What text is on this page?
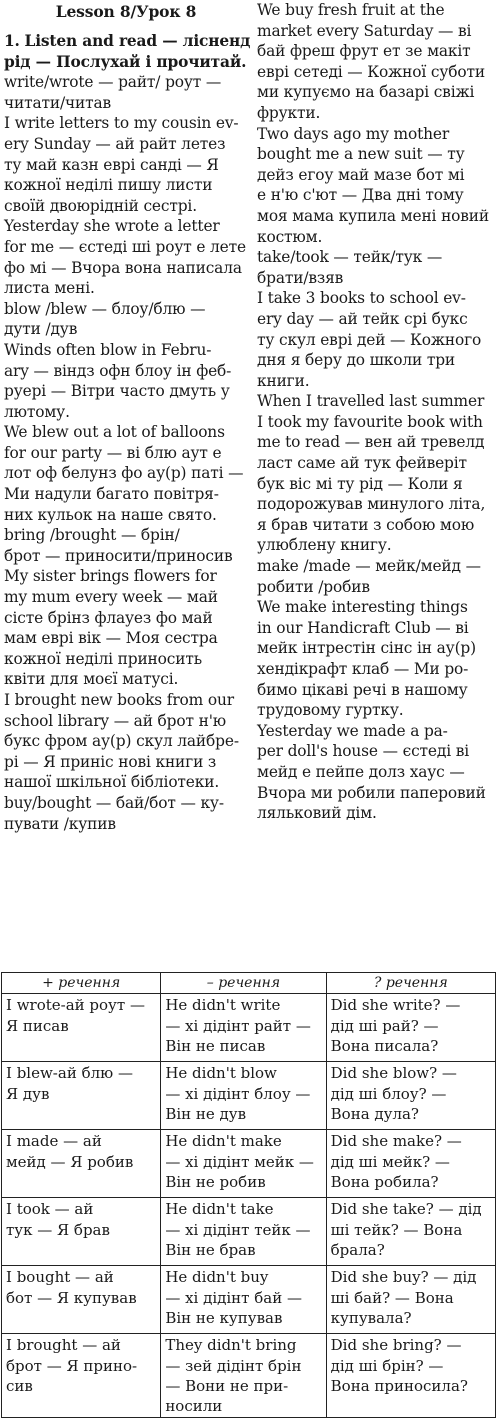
Lesson 8/Урок 8
1. Listen and read — лісненд
рід — Послухай і прочитай.
write/wrote — райт/ роут —
читати/читав
I write letters to my cousin ev-
ery Sunday — ай райт летез
ту май казн еврі санді — Я
кожної неділі пишу листи
своїй двоюрідній сестрі.
Yesterday she wrote a letter
for me — єстеді ші роут е лете
фо мі — Вчора вона написала
листа мені.
blow /blew — блоу/блю —
дути /дув
Winds often blow in Febru-
ary — віндз офн блоу ін феб-
руері — Вітри часто дмуть у
лютому.
We blew out a lot of balloons
for our party — ві блю аут е
лот оф белунз фо ау(р) паті —
Ми надули багато повітря-
них кульок на наше свято.
bring /brought — брін/
брот — приносити/приносив
My sister brings flowers for
my mum every week — май
сісте брінз флауез фо май
мам еврі вік — Моя сестра
кожної неділі приносить
квіти для моєї матусі.
I brought new books from our
school library — ай брот н'ю
букс фром ау(р) скул лайбре-
рі — Я приніс нові книги з
нашої шкільної бібліотеки.
buy/bought — бай/бот — ку-
пувати /купив
We buy fresh fruit at the
market every Saturday — ві
бай фреш фрут ет зе макіт
еврі сетеді — Кожної суботи
ми купуємо на базарі свіжі
фрукти.
Two days ago my mother
bought me a new suit — ту
дейз егоу май мазе бот мі
е н'ю с'ют — Два дні тому
моя мама купила мені новий
костюм.
take/took — тейк/тук —
брати/взяв
I take 3 books to school ev-
ery day — ай тейк срі букс
ту скул еврі дей — Кожного
дня я беру до школи три
книги.
When I travelled last summer
I took my favourite book with
me to read — вен ай тревелд
ласт саме ай тук фейверіт
бук віс мі ту рід — Коли я
подорожував минулого літа,
я брав читати з собою мою
улюблену книгу.
make /made — мейк/мейд —
робити /робив
We make interesting things
in our Handicraft Club — ві
мейк інтрестін сінс ін ау(р)
хендікрафт клаб — Ми ро-
бимо цікаві речі в нашому
трудовому гуртку.
Yesterday we made a pa-
per doll's house — єстеді ві
мейд е пейпе долз хаус —
Вчора ми робили паперовий
ляльковий дім.
+ речення	– речення	? речення

I wrote-ай роут —
Я писав	He didn't write
— хі дідінт райт —
Він не писав	Did she write? —
дід ші рай? —
Вона писала?

I blew-ай блю —
Я дув	He didn't blow
— хі дідінт блоу —
Він не дув	Did she blow? —
дід ші блоу? —
Вона дула?

I made — ай
мейд — Я робив	He didn't make
— хі дідінт мейк —
Він не робив	Did she make? —
дід ші мейк? —
Вона робила?

I took — ай
тук — Я брав	He didn't take
— хі дідінт тейк —
Він не брав	Did she take? — дід
ші тейк? — Вона
брала?

I bought — ай
бот — Я купував	He didn't buy
— хі дідінт бай —
Він не купував	Did she buy? — дід
ші бай? — Вона
купувала?

I brought — ай
брот — Я прино-
сив	They didn't bring
— зей дідінт брін
— Вони не при-
носили	Did she bring? —
дід ші брін? —
Вона приносила?
